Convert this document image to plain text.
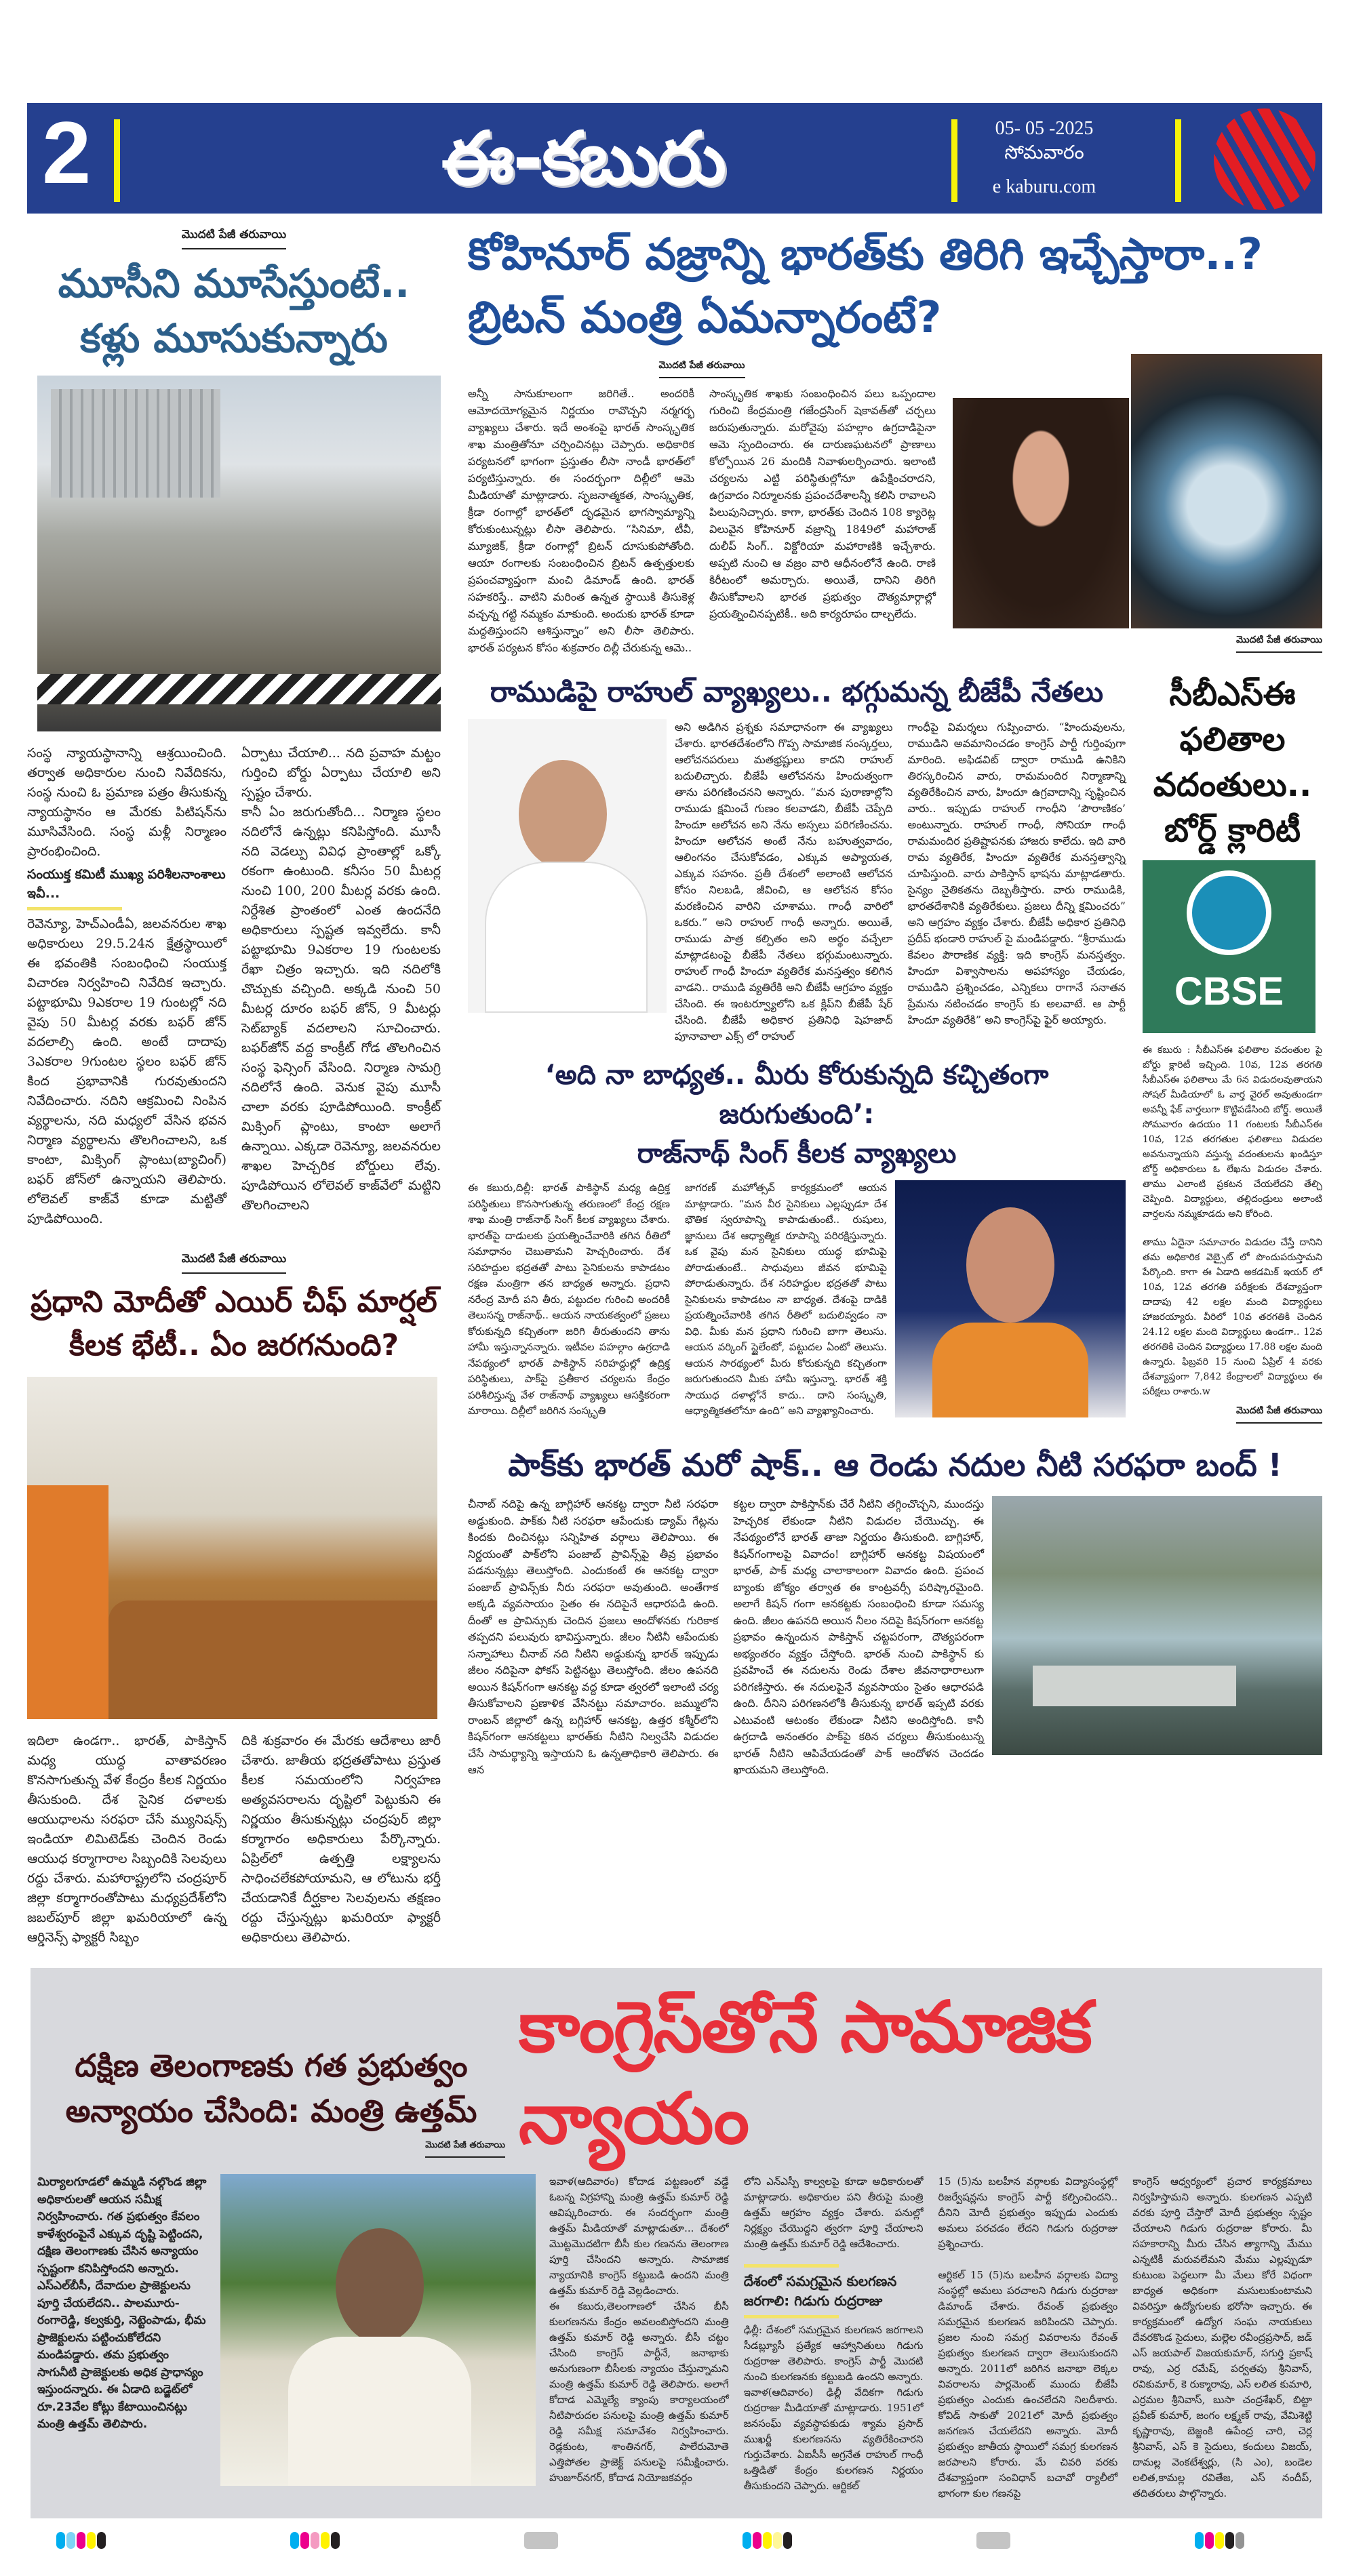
2	ఈ-కబురు	05- 05 -2025
సోమవారం
e kaburu.com
మొదటి పేజీ తరువాయి
మూసీని మూసేస్తుంటే.. కళ్లు మూసుకున్నారు

సంస్థ న్యాయస్థానాన్ని ఆశ్రయించింది. తర్వాత అధికారుల నుంచి నివేదికను, సంస్థ నుంచి ఓ ప్రమాణ పత్రం తీసుకున్న న్యాయస్థానం ఆ మేరకు పిటిషన్‌ను మూసివేసింది. సంస్థ మళ్లీ నిర్మాణం ప్రారంభించింది.

సంయుక్త కమిటీ ముఖ్య పరిశీలనాంశాలు ఇవీ...

రెవెన్యూ, హెచ్ఎండీఏ, జలవనరుల శాఖ అధికారులు 29.5.24న క్షేత్రస్థాయిలో ఈ భవంతికి సంబంధించి సంయుక్త విచారణ నిర్వహించి నివేదిక ఇచ్చారు. పట్టాభూమి 9ఎకరాల 19 గుంటల్లో నది వైపు 50 మీటర్ల వరకు బఫర్ జోన్ వదలాల్సి ఉంది. అంటే దాదాపు 3ఎకరాల 9గుంటల స్థలం బఫర్ జోన్ కింద ప్రభావానికి గురవుతుందని నివేదించారు. నదిని ఆక్రమించి నింపిన వ్యర్థాలను, నది మధ్యలో వేసిన భవన నిర్మాణ వ్యర్థాలను తొలగించాలని, ఒక కాంటా, మిక్సింగ్ ప్లాంటు(బ్యాచింగ్) బఫర్ జోన్‌లో ఉన్నాయని తెలిపారు. లోలెవల్ కాజ్‌వే కూడా మట్టితో పూడిపోయింది.

ఏర్పాటు చేయాలి... నది ప్రవాహ మట్టం గుర్తించి బోర్డు ఏర్పాటు చేయాలి అని స్పష్టం చేశారు.
కానీ ఏం జరుగుతోంది... నిర్మాణ స్థలం నదిలోనే ఉన్నట్లు కనిపిస్తోంది. మూసీ నది వెడల్పు వివిధ ప్రాంతాల్లో ఒక్కో రకంగా ఉంటుంది. కనీసం 50 మీటర్ల నుంచి 100, 200 మీటర్ల వరకు ఉంది. నిర్దేశిత ప్రాంతంలో ఎంత ఉందనేది అధికారులు స్పష్టత ఇవ్వలేదు. కానీ పట్టాభూమి 9ఎకరాల 19 గుంటలకు రేఖా చిత్రం ఇచ్చారు. ఇది నదిలోకి చొచ్చుకు వచ్చింది. అక్కడి నుంచి 50 మీటర్ల దూరం బఫర్ జోన్, 9 మీటర్లు సెట్‌బ్యాక్ వదలాలని సూచించారు. బఫర్‌జోన్ వద్ద కాంక్రీట్ గోడ తొలగించిన సంస్థ ఫెన్సింగ్ వేసింది. నిర్మాణ సామగ్రి నదిలోనే ఉంది. వెనుక వైపు మూసీ చాలా వరకు పూడిపోయింది. కాంక్రీట్ మిక్సింగ్ ప్లాంటు, కాంటా అలాగే ఉన్నాయి. ఎక్కడా రెవెన్యూ, జలవనరుల శాఖల హెచ్చరిక బోర్డులు లేవు. పూడిపోయిన లోలెవల్ కాజ్‌వేలో మట్టిని తొలగించాలని

మొదటి పేజీ తరువాయి
ప్రధాని మోదీతో ఎయిర్ చీఫ్ మార్షల్ కీలక భేటీ.. ఏం జరగనుంది?

ఇదిలా ఉండగా.. భారత్, పాకిస్తాన్ మధ్య యుద్ధ వాతావరణం కొనసాగుతున్న వేళ కేంద్రం కీలక నిర్ణయం తీసుకుంది. దేశ సైనిక దళాలకు ఆయుధాలను సరఫరా చేసే మ్యునిషన్స్ ఇండియా లిమిటెడ్‌కు చెందిన రెండు ఆయుధ కర్మాగారాల సిబ్బందికి సెలవులు రద్దు చేశారు. మహారాష్ట్రలోని చంద్రపూర్ జిల్లా కర్మాగారంతోపాటు మధ్యప్రదేశ్‌లోని జబల్‌పూర్ జిల్లా ఖమరియాలో ఉన్న ఆర్డినెన్స్ ఫ్యాక్టరీ సిబ్బం

దికి శుక్రవారం ఈ మేరకు ఆదేశాలు జారీ చేశారు. జాతీయ భద్రతతోపాటు ప్రస్తుత కీలక సమయంలోని నిర్వహణ అత్యవసరాలను దృష్టిలో పెట్టుకుని ఈ నిర్ణయం తీసుకున్నట్లు చంద్రపుర్ జిల్లా కర్మాగారం అధికారులు పేర్కొన్నారు. ఏప్రిల్‌లో ఉత్పత్తి లక్ష్యాలను సాధించలేకపోయామని, ఆ లోటును భర్తీ చేయడానికే దీర్ఘకాల సెలవులను తక్షణం రద్దు చేస్తున్నట్లు ఖమరియా ఫ్యాక్టరీ అధికారులు తెలిపారు.

కోహినూర్ వజ్రాన్ని భారత్‌కు తిరిగి ఇచ్చేస్తారా..?
బ్రిటన్ మంత్రి ఏమన్నారంటే?
మొదటి పేజీ తరువాయి

అన్నీ సానుకూలంగా జరిగితే.. అందరికీ ఆమోదయోగ్యమైన నిర్ణయం రావొచ్చని నర్మగర్భ వ్యాఖ్యలు చేశారు. ఇదే అంశంపై భారత్ సాంస్కృతిక శాఖ మంత్రితోనూ చర్చించినట్లు చెప్పారు. అధికారిక పర్యటనలో భాగంగా ప్రస్తుతం లీసా నాండీ భారత్‌లో పర్యటిస్తున్నారు. ఈ సందర్భంగా దిల్లీలో ఆమె మీడియాతో మాట్లాడారు. సృజనాత్మకత, సాంస్కృతిక, క్రీడా రంగాల్లో భారత్‌లో దృఢమైన భాగస్వామ్యాన్ని కోరుకుంటున్నట్లు లీసా తెలిపారు. “సినిమా, టీవీ, మ్యూజిక్, క్రీడా రంగాల్లో బ్రిటన్ దూసుకుపోతోంది. ఆయా రంగాలకు సంబంధించిన బ్రిటన్ ఉత్పత్తులకు ప్రపంచవ్యాప్తంగా మంచి డిమాండ్ ఉంది. భారత్ సహకరిస్తే.. వాటిని మరింత ఉన్నత స్థాయికి తీసుకెళ్ల వచ్చన్న గట్టి నమ్మకం మాకుంది. అందుకు భారత్ కూడా మద్దతిస్తుందని ఆశిస్తున్నాం” అని లీసా తెలిపారు. భారత్ పర్యటన కోసం శుక్రవారం దిల్లీ చేరుకున్న ఆమె..

సాంస్కృతిక శాఖకు సంబంధించిన పలు ఒప్పందాల గురించి కేంద్రమంత్రి గజేంద్రసింగ్ షెకావత్‌తో చర్చలు జరుపుతున్నారు. మరోవైపు పహల్గాం ఉగ్రదాడిపైనా ఆమె స్పందించారు. ఈ దారుణఘటనలో ప్రాణాలు కోల్పోయిన 26 మందికి నివాళులర్పించారు. ఇలాంటి చర్యలను ఎట్టి పరిస్థితుల్లోనూ ఉపేక్షించరాదని, ఉగ్రవాదం నిర్మూలనకు ప్రపంచదేశాలన్నీ కలిసి రావాలని పిలుపునిచ్చారు. కాగా, భారత్‌కు చెందిన 108 క్యారెట్ల విలువైన కోహినూర్ వజ్రాన్ని 1849లో మహారాజ్ దులీప్ సింగ్.. విక్టోరియా మహారాణికి ఇచ్చేశారు. అప్పటి నుంచి ఆ వజ్రం వారి ఆధీనంలోనే ఉంది. రాణి కిరీటంలో అమర్చారు. అయితే, దానిని తిరిగి తీసుకోవాలని భారత ప్రభుత్వం దౌత్యమార్గాల్లో ప్రయత్నించినప్పటికీ.. అది కార్యరూపం దాల్చలేదు.

మొదటి పేజీ తరువాయి
రాముడిపై రాహుల్ వ్యాఖ్యలు.. భగ్గుమన్న బీజేపీ నేతలు

అని అడిగిన ప్రశ్నకు సమాధానంగా ఈ వ్యాఖ్యలు చేశారు. భారతదేశంలోని గొప్ప సామాజిక సంస్కర్తలు, ఆలోచనపరులు మతభ్రష్టులు కాదని రాహుల్ బదులిచ్చారు. బీజేపీ ఆలోచనను హిందుత్వంగా తాను పరిగణించనని అన్నారు. “మన పురాణాల్లోని రాముడు క్షమించే గుణం కలవాడని, బీజేపీ చెప్పేది హిందూ ఆలోచన అని నేను అస్సలు పరిగణించను. హిందూ ఆలోచన అంటే నేను బహుత్వవాదం, ఆలింగనం చేసుకోవడం, ఎక్కువ అప్యాయత, ఎక్కువ సహనం. ప్రతీ దేశంలో అలాంటి ఆలోచన కోసం నిలబడి, జీవించి, ఆ ఆలోచన కోసం మరణించిన వారిని చూశాము. గాంధీ వారిలో ఒకరు.” అని రాహుల్ గాంధీ అన్నారు. అయితే, రాముడు పాత్ర కల్పితం అని అర్థం వచ్చేలా మాట్లాడటంపై బీజేపీ నేతలు భగ్గుమంటున్నారు. రాహుల్ గాంధీ హిందూ వ్యతిరేక మనస్తత్వం కలిగిన వాడని.. రాముడి వ్యతిరేకి అని బీజేపీ ఆగ్రహం వ్యక్తం చేసింది. ఈ ఇంటర్వ్యూలోని ఒక క్లిప్‌ని బీజేపీ షేర్ చేసింది. బీజేపీ అధికార ప్రతినిధి షెహజాద్ పూనావాలా ఎక్స్ లో రాహుల్

గాంధీపై విమర్శలు గుప్పించారు. “హిందువులను, రాముడిని అవమానించడం కాంగ్రెస్ పార్టీ గుర్తింపుగా మారింది. అఫిడవిట్ ద్వారా రాముడి ఉనికిని తిరస్కరించిన వారు, రామమందిర నిర్మాణాన్ని వ్యతిరేకించిన వారు, హిందూ ఉగ్రవాదాన్ని సృష్టించిన వారు.. ఇప్పుడు రాహుల్ గాంధీని ‘పౌరాణికం’ అంటున్నారు. రాహుల్ గాంధీ, సోనియా గాంధీ రామమందిర ప్రతిష్టాపనకు హాజరు కాలేదు. ఇది వారి రామ వ్యతిరేక, హిందూ వ్యతిరేక మనస్తత్వాన్ని చూపిస్తుంది. వారు పాకిస్తాన్ భాషను మాట్లాడతారు. సైన్యం నైతికతను దెబ్బతీస్తారు. వారు రాముడికి, భారతదేశానికి వ్యతిరేకులు. ప్రజలు దీన్ని క్షమించరు” అని ఆగ్రహం వ్యక్తం చేశారు. బీజేపీ అధికార ప్రతినిధి ప్రదీప్ భండారి రాహుల్ పై మండిపడ్డారు. “శ్రీరాముడు కేవలం పౌరాణిక వ్యక్తి: ఇది కాంగ్రెస్ మనస్తత్వం. హిందూ విశ్వాసాలను అపహాస్యం చేయడం, రాముడిని ప్రశ్నించడం, ఎన్నికలు రాగానే సనాతన ప్రేమను నటించడం కాంగ్రెస్ కు అలవాటే. ఆ పార్టీ హిందూ వ్యతిరేకి” అని కాంగ్రెస్‌పై ఫైర్ అయ్యారు.

‘అది నా బాధ్యత.. మీరు కోరుకున్నది కచ్చితంగా జరుగుతుంది’:
రాజ్‌నాథ్ సింగ్ కీలక వ్యాఖ్యలు

ఈ కబురు,దిల్లీ: భారత్ పాకిస్థాన్ మధ్య ఉద్రిక్త పరిస్థితులు కొనసాగుతున్న తరుణంలో కేంద్ర రక్షణ శాఖ మంత్రి రాజ్‌నాథ్ సింగ్ కీలక వ్యాఖ్యలు చేశారు. భారత్‌పై దాడులకు ప్రయత్నించేవారికి తగిన రీతిలో సమాధానం చెబుతామని హెచ్చరించారు. దేశ సరిహద్దుల భద్రతతో పాటు సైనికులను కాపాడటం రక్షణ మంత్రిగా తన బాధ్యత అన్నారు. ప్రధాని నరేంద్ర మోదీ పని తీరు, పట్టుదల గురించి అందరికీ తెలుసన్న రాజ్‌నాథ్.. ఆయన నాయకత్వంలో ప్రజలు కోరుకున్నది కచ్చితంగా జరిగి తీరుతుందని తాను హామీ ఇస్తున్నానన్నారు. ఇటీవల పహల్గాం ఉగ్రదాడి నేపథ్యంలో భారత్ పాకిస్థాన్ సరిహద్దుల్లో ఉద్రిక్త పరిస్థితులు, పాక్‌పై ప్రతీకార చర్యలను కేంద్రం పరిశీలిస్తున్న వేళ రాజ్‌నాథ్ వ్యాఖ్యలు ఆసక్తికరంగా మారాయి. దిల్లీలో జరిగిన సంస్కృతి

జాగరణ్ మహోత్సవ్ కార్యక్రమంలో ఆయన మాట్లాడారు. “మన వీర సైనికులు ఎల్లప్పుడూ దేశ భౌతిక స్వరూపాన్ని కాపాడుతుంటే.. రుషులు, జ్ఞానులు దేశ ఆధ్యాత్మిక రూపాన్ని పరిరక్షిస్తున్నారు. ఒక వైపు మన సైనికులు యుద్ధ భూమిపై పోరాడుతుంటే.. సాధువులు జీవన భూమిపై పోరాడుతున్నారు. దేశ సరిహద్దుల భద్రతతో పాటు సైనికులను కాపాడటం నా బాధ్యత. దేశంపై దాడికి ప్రయత్నించేవారికి తగిన రీతిలో బదులివ్వడం నా విధి. మీకు మన ప్రధాని గురించి బాగా తెలుసు. ఆయన వర్కింగ్ స్టైలేంటో, పట్టుదల ఏంటో తెలుసు. ఆయన సారథ్యంలో మీరు కోరుకున్నది కచ్చితంగా జరుగుతుందని మీకు హామీ ఇస్తున్నా. భారత్ శక్తి సాయుధ దళాల్లోనే కాదు.. దాని సంస్కృతి, ఆధ్యాత్మికతలోనూ ఉంది” అని వ్యాఖ్యానించారు.

సీబీఎస్ఈ ఫలితాల వదంతులు.. బోర్డ్ క్లారిటీ
CBSE

ఈ కబురు : సీబీఎస్ఈ ఫలితాల వదంతుల పై బోర్డు క్లారిటీ ఇచ్చింది. 10వ, 12వ తరగతి సీబీఎస్ఈ ఫలితాలు మే 6న విడుదలవుతాయని సోషల్ మీడియాలో ఓ వార్త వైరల్ అవుతుండగా అవన్నీ ఫేక్ వార్తలుగా కొట్టిపడేసింది బోర్డ్. అయితే సోమవారం ఉదయం 11 గంటలకు సీబీఎస్ఈ 10వ, 12వ తరగతుల ఫలితాలు విడుదల అవనున్నాయని వస్తున్న వదంతులను ఖండిస్తూ బోర్డ్ అధికారులు ఓ లేఖను విడుదల చేశారు. తాము ఎలాంటి ప్రకటన చేయలేదని తేల్చి చెప్పింది. విద్యార్థులు, తల్లిదండ్రులు అలాంటి వార్తలను నమ్మకూడదు అని కోరింది.

తాము ఏదైనా సమాచారం విడుదల చేస్తే దానిని తమ అధికారిక వెబ్సైట్ లో పొందుపరుస్తామని పేర్కొంది. కాగా ఈ ఏడాది అకడమిక్ ఇయర్ లో 10వ, 12వ తరగతి పరీక్షలకు దేశవ్యాప్తంగా దాదాపు 42 లక్షల మంది విద్యార్థులు హాజరయ్యారు. వీరిలో 10వ తరగతికి చెందిన 24.12 లక్షల మంది విద్యార్థులు ఉండగా.. 12వ తరగతికి చెందిన విద్యార్థులు 17.88 లక్షల మంది ఉన్నారు. ఫిబ్రవరి 15 నుంచి ఏప్రిల్ 4 వరకు దేశవ్యాప్తంగా 7,842 కేంద్రాలలో విద్యార్థులు ఈ పరీక్షలు రాశారు.w

మొదటి పేజీ తరువాయి
పాక్‌కు భారత్ మరో షాక్.. ఆ రెండు నదుల నీటి సరఫరా బంద్ !

చీనాబ్ నదిపై ఉన్న బాగ్లిహార్ ఆనకట్ట ద్వారా నీటి సరఫరా అడ్డుకుంది. పాక్‌కు నీటి సరఫరా ఆపేందుకు డ్యామ్ గేట్లను కిందకు దించినట్లు సన్నిహిత వర్గాలు తెలిపాయి. ఈ నిర్ణయంతో పాక్‌లోని పంజాబ్ ప్రావిన్స్‌పై తీవ్ర ప్రభావం పడనున్నట్లు తెలుస్తోంది. ఎందుకంటే ఈ ఆనకట్ట ద్వారా పంజాబ్ ప్రావిన్స్‌కు నీరు సరఫరా అవుతుంది. అంతేగాక అక్కడి వ్యవసాయం సైతం ఈ నదిపైనే ఆధారపడి ఉంది. దీంతో ఆ ప్రావిన్సుకు చెందిన ప్రజలు ఆందోళనకు గురికాక తప్పదని పలువురు భావిస్తున్నారు. జీలం నీటినీ ఆపేందుకు సన్నాహాలు చీనాబ్ నది నీటిని అడ్డుకున్న భారత్ ఇప్పుడు జీలం నదిపైనా ఫోకస్ పెట్టినట్టు తెలుస్తోంది. జీలం ఉపనది అయిన కిషన్‌గంగా ఆనకట్ట వద్ద కూడా త్వరలో ఇలాంటి చర్య తీసుకోవాలని ప్రణాళిక వేసినట్టు సమాచారం. జమ్ములోని రాంబన్ జిల్లాలో ఉన్న బగ్లిహార్ ఆనకట్ట, ఉత్తర కశ్మీర్‌లోని కిషన్‌గంగా ఆనకట్టలు భారత్‌కు నీటిని నిల్వచేసి విడుదల చేసే సామర్థ్యాన్ని ఇస్తాయని ఓ ఉన్నతాధికారి తెలిపారు. ఈ ఆన

కట్టల ద్వారా పాకిస్తాన్‌కు చేరే నీటిని తగ్గించొచ్చని, ముందస్తు హెచ్చరిక లేకుండా నీటిని విడుదల చేయొచ్చు. ఈ నేపథ్యంలోనే భారత్ తాజా నిర్ణయం తీసుకుంది. బాగ్లిహార్, కిషన్‌గంగాలపై వివాదం! బాగ్లిహార్ ఆనకట్ట విషయంలో భారత్, పాక్ మధ్య చాలాకాలంగా వివాదం ఉంది. ప్రపంచ బ్యాంకు జోక్యం తర్వాత ఈ కాంట్రవర్సీ పరిష్కారమైంది. అలాగే కిషన్ గంగా ఆనకట్టకు సంబంధించి కూడా సమస్య ఉంది. జీలం ఉపనది అయిన నీలం నదిపై కిషన్‌గంగా ఆనకట్ట ప్రభావం ఉన్నందున పాకిస్తాన్ చట్టపరంగా, దౌత్యపరంగా అభ్యంతరం వ్యక్తం చేస్తోంది. భారత్ నుంచి పాకిస్థాన్ కు ప్రవహించే ఈ నదులను రెండు దేశాల జీవనాధారాలుగా పరిగణిస్తారు. ఈ నదులపైనే వ్యవసాయం సైతం ఆధారపడి ఉంది. దీనిని పరిగణనలోకి తీసుకున్న భారత్ ఇప్పటి వరకు ఎటువంటి ఆటంకం లేకుండా నీటిని అందిస్తోంది. కానీ ఉగ్రదాడి అనంతరం పాక్‌పై కఠిన చర్యలు తీసుకుంటున్న భారత్ నీటిని ఆపివేయడంతో పాక్ ఆందోళన చెందడం ఖాయమని తెలుస్తోంది.

దక్షిణ తెలంగాణకు గత ప్రభుత్వం
అన్యాయం చేసింది: మంత్రి ఉత్తమ్
మొదటి పేజీ తరువాయి
కాంగ్రెస్‌తోనే సామాజిక న్యాయం

మిర్యాలగూడలో ఉమ్మడి నల్గొండ జిల్లా అధికారులతో ఆయన సమీక్ష నిర్వహించారు. గత ప్రభుత్వం కేవలం కాళేశ్వరంపైనే ఎక్కువ దృష్టి పెట్టిందని, దక్షిణ తెలంగాణకు చేసిన అన్యాయం స్పష్టంగా కనిపిస్తోందని అన్నారు. ఎస్ఎల్‌బీసీ, దేవాదుల ప్రాజెక్టులను పూర్తి చేయలేదని.. పాలమూరు-రంగారెడ్డి, కల్వకుర్తి, నెట్టెంపాడు, భీమ ప్రాజెక్టులను పట్టించుకోలేదని మండిపడ్డారు. తమ ప్రభుత్వం సాగునీటి ప్రాజెక్టులకు అధిక ప్రాధాన్యం ఇస్తుందన్నారు. ఈ ఏడాది బడ్జెట్‌లో రూ.23వేల కోట్లు కేటాయించినట్లు మంత్రి ఉత్తమ్ తెలిపారు.

ఇవాళ(ఆదివారం) కోదాడ పట్టణంలో వడ్డే ఓబన్న విగ్రహాన్ని మంత్రి ఉత్తమ్ కుమార్ రెడ్డి ఆవిష్కరించారు. ఈ సందర్భంగా మంత్రి ఉత్తమ్ మీడియాతో మాట్లాడుతూ... దేశంలో మొట్టమొదటిగా బీసీ కుల గణనను తెలంగాణ పూర్తి చేసిందని అన్నారు. సామాజిక న్యాయానికి కాంగ్రెస్ కట్టుబడి ఉందని మంత్రి ఉత్తమ్ కుమార్ రెడ్డి వెల్లడించారు.
ఈ కబురు,తెలంగాణలో చేసిన బీసీ కులగణనను కేంద్రం అవలంబిస్తోందని మంత్రి ఉత్తమ్ కుమార్ రెడ్డి అన్నారు. బీసీ చట్టం చేసింది కాంగ్రెస్ పార్టీనే, జనాభాకు అనుగుణంగా బీసీలకు న్యాయం చేస్తున్నామని మంత్రి ఉత్తమ్ కుమార్ రెడ్డి తెలిపారు. అలాగే కోదాడ ఎమ్మెల్యే క్యాంపు కార్యాలయంలో నీటిపారుదల పనులపై మంత్రి ఉత్తమ్ కుమార్ రెడ్డి సమీక్ష సమావేశం నిర్వహించారు. రెడ్లకుంట, శాంతినగర్, పాలేరుమోతె ఎత్తిపోతల ప్రాజెక్ట్ పనులపై సమీక్షించారు. హుజూర్‌నగర్, కోదాడ నియోజకవర్గం

లోని ఎన్ఎస్పీ కాల్వలపై కూడా అధికారులతో మాట్లాడారు. అధికారుల పని తీరుపై మంత్రి ఉత్తమ్ ఆగ్రహం వ్యక్తం చేశారు. పనుల్లో నిర్లక్ష్యం చేయొద్దని త్వరగా పూర్తి చేయాలని మంత్రి ఉత్తమ్ కుమార్ రెడ్డి ఆదేశించారు.

దేశంలో సమగ్రమైన కులగణన జరగాలి: గిడుగు రుద్రరాజు

ఢిల్లీ: దేశంలో సమగ్రమైన కులగణన జరగాలని సీడబ్ల్యూసీ ప్రత్యేక ఆహ్వానితులు గిడుగు రుద్రరాజు తెలిపారు. కాంగ్రెస్ పార్టీ మొదటి నుంచి కులగణనకు కట్టుబడి ఉందని అన్నారు. ఇవాళ(ఆదివారం) ఢిల్లీ వేదికగా గిడుగు రుద్రరాజు మీడియాతో మాట్లాడారు. 1951లో జనసంఘ్ వ్యవస్థాపకుడు శ్యామ ప్రసాద్ ముఖర్జీ కులగణనను వ్యతిరేకించారని గుర్తుచేశారు. ఏఐసీసీ అగ్రనేత రాహుల్ గాంధీ ఒత్తిడితో కేంద్రం కులగణన నిర్ణయం తీసుకుందని చెప్పారు. ఆర్టికల్

15 (5)ను బలహీన వర్గాలకు విద్యాసంస్థల్లో రిజర్వేషన్లను కాంగ్రెస్ పార్టీ కల్పించిందని.. దీనిని మోదీ ప్రభుత్వం ఇప్పుడు ఎందుకు అమలు పరచడం లేదని గిడుగు రుద్రరాజు ప్రశ్నించారు.

ఆర్టికల్ 15 (5)ను బలహీన వర్గాలకు విద్యా సంస్థల్లో అమలు పరచాలని గిడుగు రుద్రరాజు డిమాండ్ చేశారు. రేవంత్ ప్రభుత్వం సమగ్రమైన కులగణన జరిపిందని చెప్పారు. ప్రజల నుంచి సమగ్ర వివరాలను రేవంత్ ప్రభుత్వం కులగణన ద్వారా తెలుసుకుందని అన్నారు. 2011లో జరిగిన జనాభా లెక్కల వివరాలను పార్లమెంట్ ముందు బీజేపీ ప్రభుత్వం ఎందుకు ఉంచలేదని నిలదీశారు. కోవిడ్ సాకుతో 2021లో మోదీ ప్రభుత్వం జనగణన చేయలేదని అన్నారు. మోదీ ప్రభుత్వం జాతీయ స్థాయిలో సమగ్ర కులగణన జరపాలని కోరారు. మే చివరి వరకు దేశవ్యాప్తంగా సంవిధాన్ బచావో ర్యాలీలో భాగంగా కుల గణనపై

కాంగ్రెస్ ఆధ్వర్యంలో ప్రచార కార్యక్రమాలు నిర్వహిస్తామని అన్నారు. కులగణన ఎప్పటి వరకు పూర్తి చేస్తారో మోదీ ప్రభుత్వం స్పష్టం చేయాలని గిడుగు రుద్రరాజు కోరారు. మీ సహకారాన్ని మీరు చేసిన త్యాగాన్ని మేము ఎన్నటికీ మరువలేమని మేము ఎల్లప్పుడూ కుటుంబ పెద్దలుగా మీ మేలు కోరే విధంగా బాధ్యత అధికంగా మసులుకుంటామని వివరిస్తూ ఉద్యోగులకు భరోసా ఇచ్చారు. ఈ కార్యక్రమంలో ఉద్యోగ సంఘ నాయకులు దేవరకొండ సైదులు, మల్లెల రవీంద్రప్రసాద్, జడ్ ఎస్ జయపాల్ విజయకుమార్, సగుర్తి ప్రకాష్ రావు, ఎర్ర రమేష్, పర్వతపు శ్రీనివాస్, రవికుమార్, కె రుక్మారావు, ఎస్ లలిత కుమారి, ఎర్రమల శ్రీనివాస్, బుసా చంద్రశేఖర్, బిట్టా ప్రవీణ్ కుమార్, జంగం లక్ష్మణ్ రావు, వేమిశెట్టి కృష్ణారావు, బెజ్జంకి ఉపేంద్ర చారి, చెర్ల శ్రీనివాస్, ఎస్ కె సైదులు, కందులు విజయ్, దామల్ల వెంకటేశ్వర్లు, (సి ఎం), బండెల లలిత,కామల్ల రవితేజ, ఎస్ నందీప్, తదితరులు పాల్గొన్నారు.
